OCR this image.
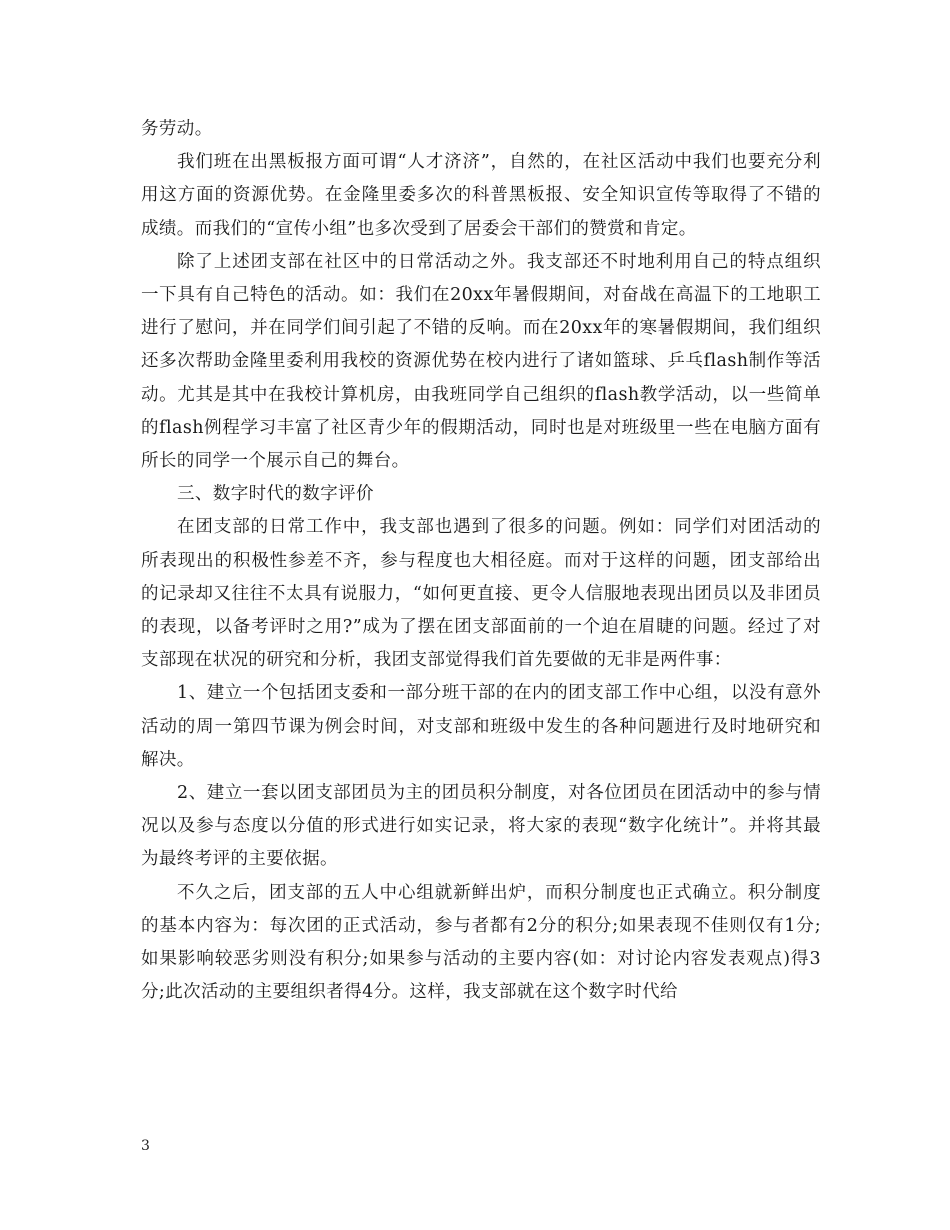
务劳动。

我们班在出黑板报方面可谓“人才济济”，自然的，在社区活动中我们也要充分利用这方面的资源优势。在金隆里委多次的科普黑板报、安全知识宣传等取得了不错的成绩。而我们的“宣传小组”也多次受到了居委会干部们的赞赏和肯定。

除了上述团支部在社区中的日常活动之外。我支部还不时地利用自己的特点组织一下具有自己特色的活动。如：我们在20xx年暑假期间，对奋战在高温下的工地职工进行了慰问，并在同学们间引起了不错的反响。而在20xx年的寒暑假期间，我们组织还多次帮助金隆里委利用我校的资源优势在校内进行了诸如篮球、乒乓flash制作等活动。尤其是其中在我校计算机房，由我班同学自己组织的flash教学活动，以一些简单的flash例程学习丰富了社区青少年的假期活动，同时也是对班级里一些在电脑方面有所长的同学一个展示自己的舞台。

三、数字时代的数字评价

在团支部的日常工作中，我支部也遇到了很多的问题。例如：同学们对团活动的所表现出的积极性参差不齐，参与程度也大相径庭。而对于这样的问题，团支部给出的记录却又往往不太具有说服力，“如何更直接、更令人信服地表现出团员以及非团员的表现，以备考评时之用?”成为了摆在团支部面前的一个迫在眉睫的问题。经过了对支部现在状况的研究和分析，我团支部觉得我们首先要做的无非是两件事：

1、建立一个包括团支委和一部分班干部的在内的团支部工作中心组，以没有意外活动的周一第四节课为例会时间，对支部和班级中发生的各种问题进行及时地研究和解决。

2、建立一套以团支部团员为主的团员积分制度，对各位团员在团活动中的参与情况以及参与态度以分值的形式进行如实记录，将大家的表现“数字化统计”。并将其最为最终考评的主要依据。

不久之后，团支部的五人中心组就新鲜出炉，而积分制度也正式确立。积分制度的基本内容为：每次团的正式活动，参与者都有2分的积分;如果表现不佳则仅有1分;如果影响较恶劣则没有积分;如果参与活动的主要内容(如：对讨论内容发表观点)得3分;此次活动的主要组织者得4分。这样，我支部就在这个数字时代给

3
